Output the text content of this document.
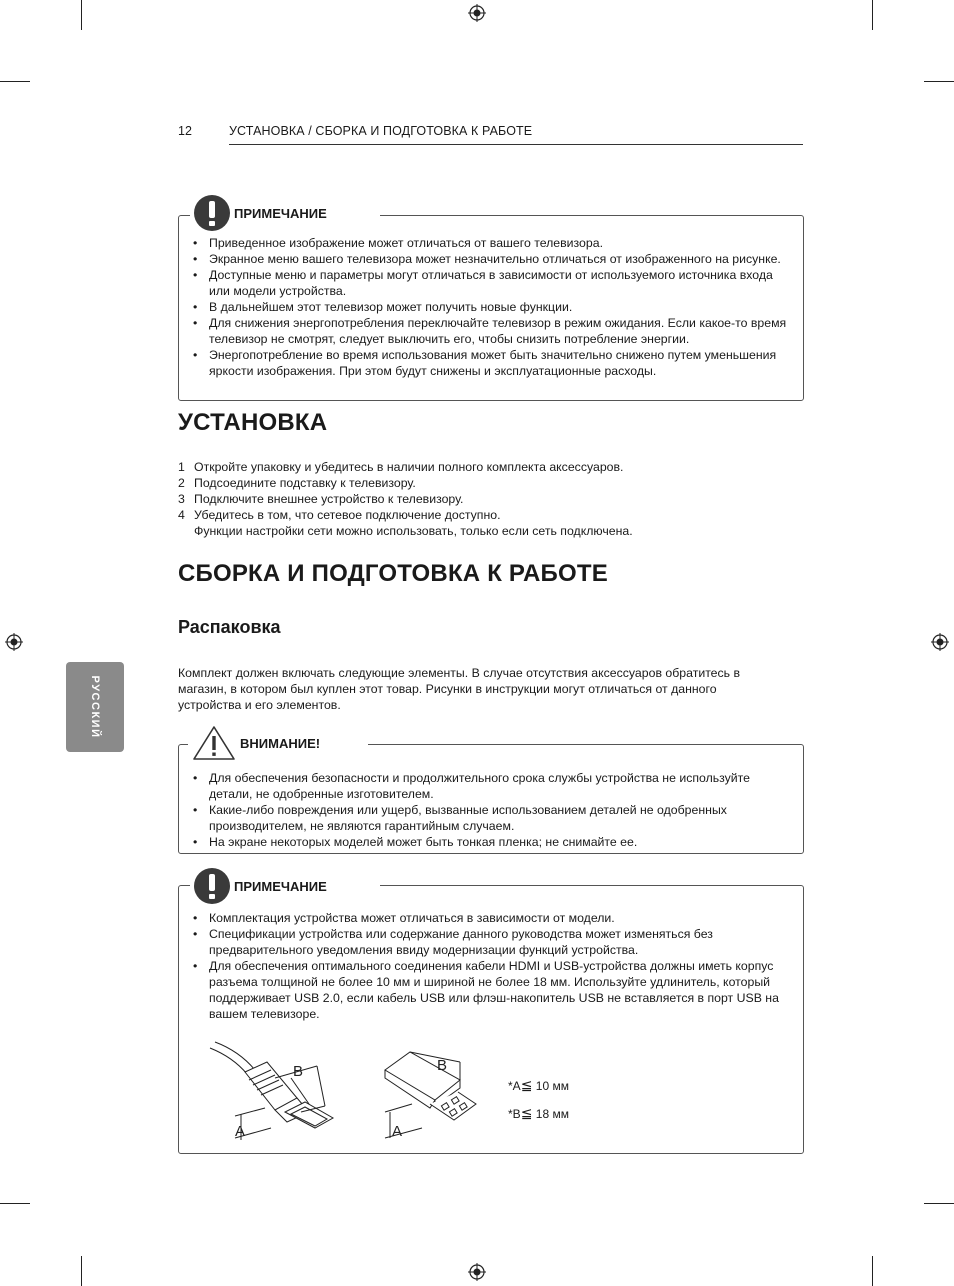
12	УСТАНОВКА / СБОРКА И ПОДГОТОВКА К РАБОТЕ
РУССКИЙ
ПРИМЕЧАНИЕ
• Приведенное изображение может отличаться от вашего телевизора.
• Экранное меню вашего телевизора может незначительно отличаться от изображенного на рисунке.
• Доступные меню и параметры могут отличаться в зависимости от используемого источника входа или модели устройства.
• В дальнейшем этот телевизор может получить новые функции.
• Для снижения энергопотребления переключайте телевизор в режим ожидания. Если какое-то время телевизор не смотрят, следует выключить его, чтобы снизить потребление энергии.
• Энергопотребление во время использования может быть значительно снижено путем уменьшения яркости изображения. При этом будут снижены и эксплуатационные расходы.
УСТАНОВКА
1 Откройте упаковку и убедитесь в наличии полного комплекта аксессуаров.
2 Подсоедините подставку к телевизору.
3 Подключите внешнее устройство к телевизору.
4 Убедитесь в том, что сетевое подключение доступно.
Функции настройки сети можно использовать, только если сеть подключена.
СБОРКА И ПОДГОТОВКА К РАБОТЕ
Распаковка
Комплект должен включать следующие элементы. В случае отсутствия аксессуаров обратитесь в магазин, в котором был куплен этот товар. Рисунки в инструкции могут отличаться от данного устройства и его элементов.
ВНИМАНИЕ!
• Для обеспечения безопасности и продолжительного срока службы устройства не используйте детали, не одобренные изготовителем.
• Какие-либо повреждения или ущерб, вызванные использованием деталей не одобренных производителем, не являются гарантийным случаем.
• На экране некоторых моделей может быть тонкая пленка; не снимайте ее.
ПРИМЕЧАНИЕ
• Комплектация устройства может отличаться в зависимости от модели.
• Спецификации устройства или содержание данного руководства может изменяться без предварительного уведомления ввиду модернизации функций устройства.
• Для обеспечения оптимального соединения кабели HDMI и USB-устройства должны иметь корпус разъема толщиной не более 10 мм и шириной не более 18 мм. Используйте удлинитель, который поддерживает USB 2.0, если кабель USB или флэш-накопитель USB не вставляется в порт USB на вашем телевизоре.
B
A
B
A
*A≦ 10 мм
*B≦ 18 мм
